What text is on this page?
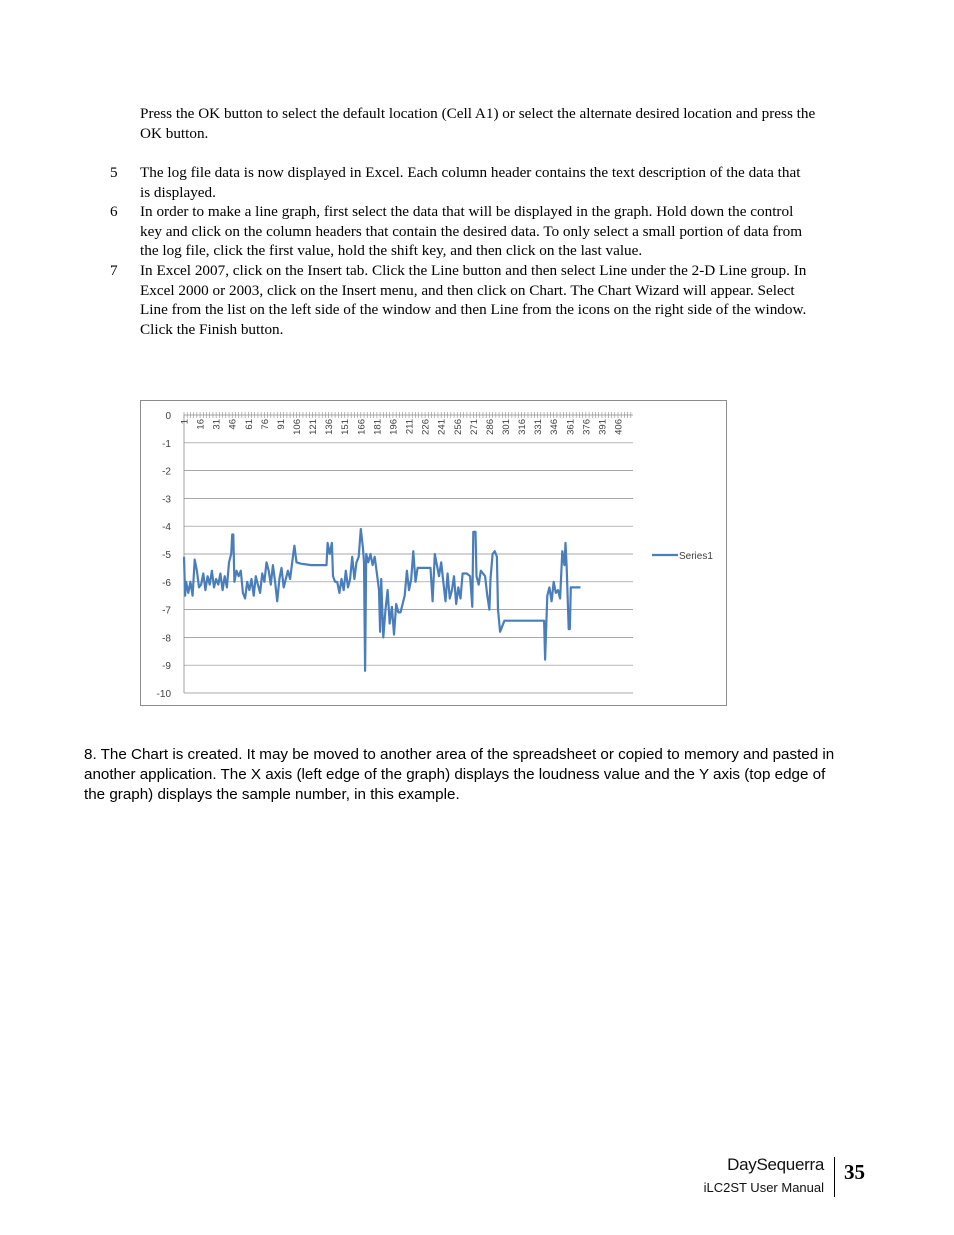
Press the OK button to select the default location (Cell A1) or select the alternate desired location and press the OK button.

5 The log file data is now displayed in Excel. Each column header contains the text description of the data that is displayed.
6 In order to make a line graph, first select the data that will be displayed in the graph. Hold down the control key and click on the column headers that contain the desired data. To only select a small portion of data from the log file, click the first value, hold the shift key, and then click on the last value.
7 In Excel 2007, click on the Insert tab. Click the Line button and then select Line under the 2-D Line group. In Excel 2000 or 2003, click on the Insert menu, and then click on Chart. The Chart Wizard will appear. Select Line from the list on the left side of the window and then Line from the icons on the right side of the window. Click the Finish button.
0
-1
-2
-3
-4
-5
-6
-7
-8
-9
-10
1 16 31 46 61 76 91 106 121 136 151 166 181 196 211 226 241 256 271 286 301 316 331 346 361 376 391 406
Series1

8. The Chart is created. It may be moved to another area of the spreadsheet or copied to memory and pasted in another application. The X axis (left edge of the graph) displays the loudness value and the Y axis (top edge of the graph) displays the sample number, in this example.

DaySequerra
iLC2ST User Manual
35
